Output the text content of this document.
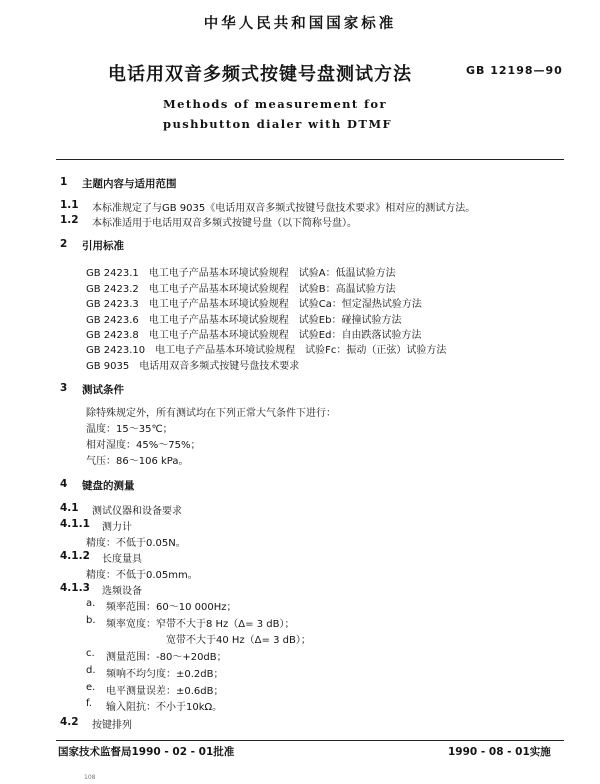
中华人民共和国国家标准
电话用双音多频式按键号盘测试方法	GB 12198—90
Methods of measurement for
pushbutton dialer with DTMF
1 主题内容与适用范围
1.1 本标准规定了与GB 9035《电话用双音多频式按键号盘技术要求》相对应的测试方法。
1.2 本标准适用于电话用双音多频式按键号盘（以下简称号盘）。
2 引用标准
GB 2423.1　电工电子产品基本环境试验规程　试验A：低温试验方法
GB 2423.2　电工电子产品基本环境试验规程　试验B：高温试验方法
GB 2423.3　电工电子产品基本环境试验规程　试验Ca：恒定湿热试验方法
GB 2423.6　电工电子产品基本环境试验规程　试验Eb：碰撞试验方法
GB 2423.8　电工电子产品基本环境试验规程　试验Ed：自由跌落试验方法
GB 2423.10　电工电子产品基本环境试验规程　试验Fc：振动（正弦）试验方法
GB 9035　电话用双音多频式按键号盘技术要求
3 测试条件
除特殊规定外，所有测试均在下列正常大气条件下进行：
温度：15～35℃；
相对湿度：45%～75%；
气压：86～106 kPa。
4 键盘的测量
4.1 测试仪器和设备要求
4.1.1 测力计
精度：不低于0.05N。
4.1.2 长度量具
精度：不低于0.05mm。
4.1.3 选频设备
a. 频率范围：60～10 000Hz；
b. 频率宽度：窄带不大于8 Hz（Δ= 3 dB）；
宽带不大于40 Hz（Δ= 3 dB）；
c. 测量范围：-80～+20dB；
d. 频响不均匀度：±0.2dB；
e. 电平测量误差：±0.6dB；
f. 输入阻抗：不小于10kΩ。
4.2 按键排列
国家技术监督局1990 - 02 - 01批准	1990 - 08 - 01实施
108
